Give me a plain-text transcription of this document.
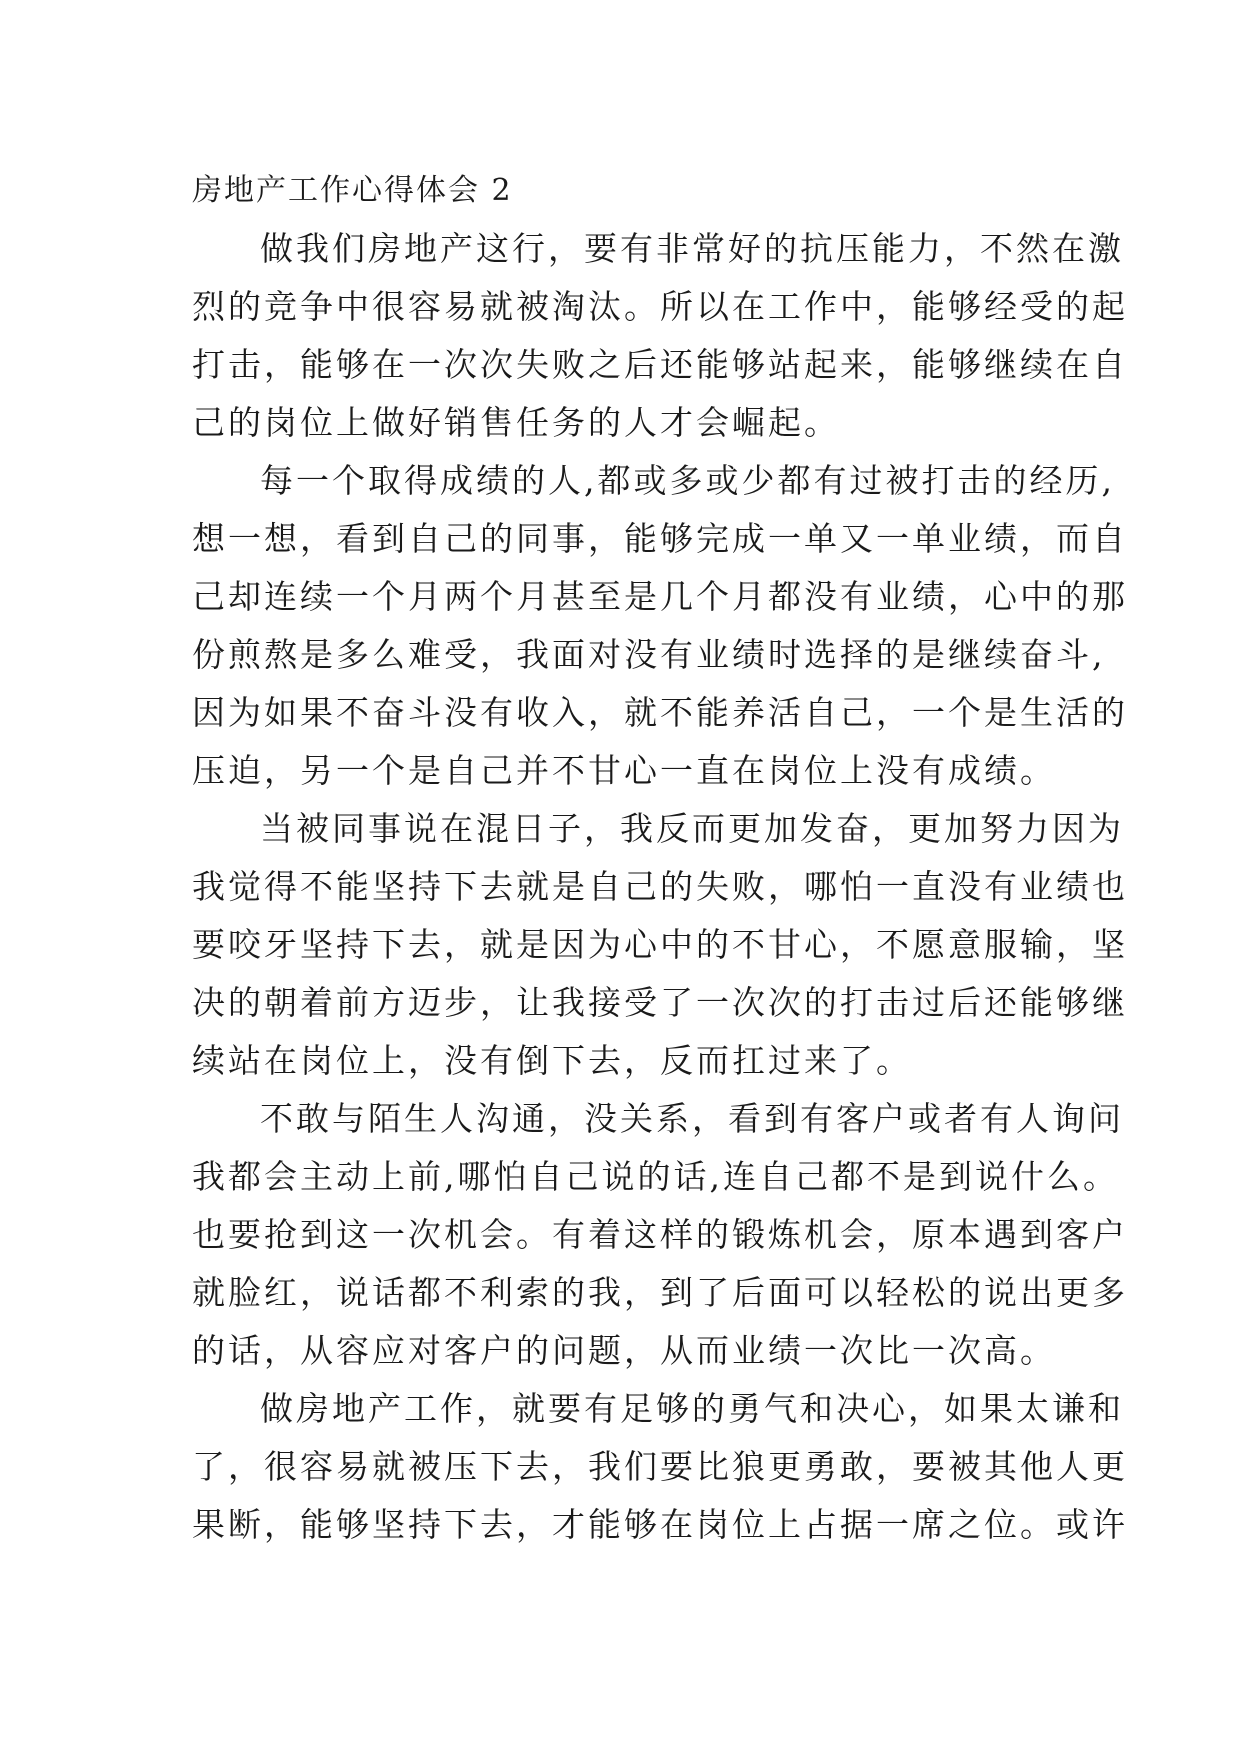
房地产工作心得体会 2

做我们房地产这行，要有非常好的抗压能力，不然在激

烈的竞争中很容易就被淘汰。所以在工作中，能够经受的起

打击，能够在一次次失败之后还能够站起来，能够继续在自

己的岗位上做好销售任务的人才会崛起。

每一个取得成绩的人,都或多或少都有过被打击的经历,

想一想，看到自己的同事，能够完成一单又一单业绩，而自

己却连续一个月两个月甚至是几个月都没有业绩，心中的那

份煎熬是多么难受，我面对没有业绩时选择的是继续奋斗,

因为如果不奋斗没有收入，就不能养活自己，一个是生活的

压迫，另一个是自己并不甘心一直在岗位上没有成绩。

当被同事说在混日子，我反而更加发奋，更加努力因为

我觉得不能坚持下去就是自己的失败，哪怕一直没有业绩也

要咬牙坚持下去，就是因为心中的不甘心，不愿意服输，坚

决的朝着前方迈步，让我接受了一次次的打击过后还能够继

续站在岗位上，没有倒下去，反而扛过来了。

不敢与陌生人沟通，没关系，看到有客户或者有人询问

我都会主动上前,哪怕自己说的话,连自己都不是到说什么。

也要抢到这一次机会。有着这样的锻炼机会，原本遇到客户

就脸红，说话都不利索的我，到了后面可以轻松的说出更多

的话，从容应对客户的问题，从而业绩一次比一次高。

做房地产工作，就要有足够的勇气和决心，如果太谦和

了，很容易就被压下去，我们要比狼更勇敢，要被其他人更

果断，能够坚持下去，才能够在岗位上占据一席之位。或许
